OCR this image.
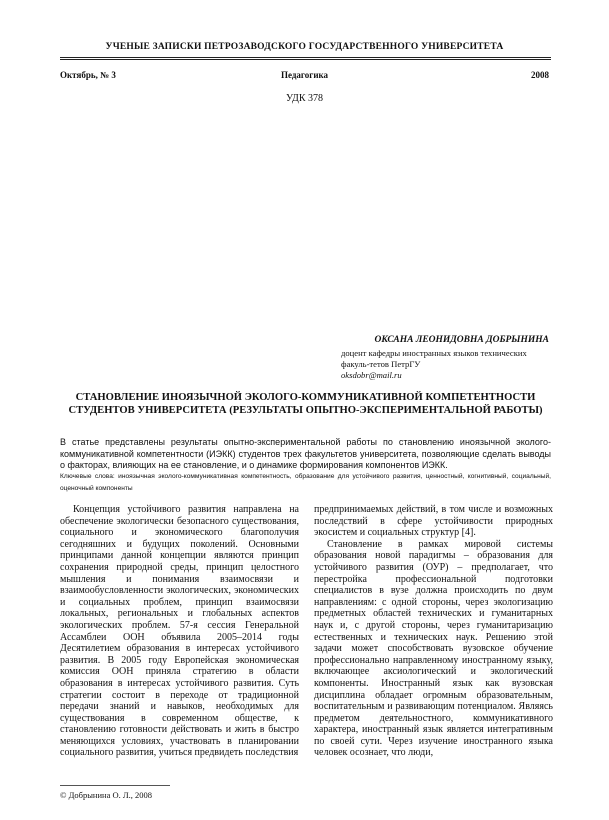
УЧЕНЫЕ ЗАПИСКИ ПЕТРОЗАВОДСКОГО ГОСУДАРСТВЕННОГО УНИВЕРСИТЕТА
Октябрь, № 3	Педагогика	2008
УДК 378
ОКСАНА ЛЕОНИДОВНА ДОБРЫНИНА
доцент кафедры иностранных языков технических факуль-тетов ПетрГУ
oksdobr@mail.ru
СТАНОВЛЕНИЕ ИНОЯЗЫЧНОЙ ЭКОЛОГО-КОММУНИКАТИВНОЙ КОМПЕТЕНТНОСТИ
СТУДЕНТОВ УНИВЕРСИТЕТА (РЕЗУЛЬТАТЫ ОПЫТНО-ЭКСПЕРИМЕНТАЛЬНОЙ РАБОТЫ)
В статье представлены результаты опытно-экспериментальной работы по становлению иноязычной эколого-коммуникативной компетентности (ИЭКК) студентов трех факультетов университета, позволяющие сделать выводы о факторах, влияющих на ее становление, и о динамике формирования компонентов ИЭКК.
Ключевые слова: иноязычная эколого-коммуникативная компетентность, образование для устойчивого развития, ценностный, когнитивный, социальный, оценочный компоненты

Концепция устойчивого развития направлена на обеспечение экологически безопасного существования, социального и экономического благополучия сегодняшних и будущих поколений. Основными принципами данной концепции являются принцип сохранения природной среды, принцип целостного мышления и понимания взаимосвязи и взаимообусловленности экологических, экономических и социальных проблем, принцип взаимосвязи локальных, региональных и глобальных аспектов экологических проблем. 57-я сессия Генеральной Ассамблеи ООН объявила 2005–2014 годы Десятилетием образования в интересах устойчивого развития. В 2005 году Европейская экономическая комиссия ООН приняла стратегию в области образования в интересах устойчивого развития. Суть стратегии состоит в переходе от традиционной передачи знаний и навыков, необходимых для существования в современном обществе, к становлению готовности действовать и жить в быстро меняющихся условиях, участвовать в планировании социального развития, учиться предвидеть последствия

предпринимаемых действий, в том числе и возможных последствий в сфере устойчивости природных экосистем и социальных структур [4].

Становление в рамках мировой системы образования новой парадигмы – образования для устойчивого развития (ОУР) – предполагает, что перестройка профессиональной подготовки специалистов в вузе должна происходить по двум направлениям: с одной стороны, через экологизацию предметных областей технических и гуманитарных наук и, с другой стороны, через гуманитаризацию естественных и технических наук. Решению этой задачи может способствовать вузовское обучение профессионально направленному иностранному языку, включающее аксиологический и экологический компоненты. Иностранный язык как вузовская дисциплина обладает огромным образовательным, воспитательным и развивающим потенциалом. Являясь предметом деятельностного, коммуникативного характера, иностранный язык является интегративным по своей сути. Через изучение иностранного языка человек осознает, что люди,

© Добрынина О. Л., 2008
